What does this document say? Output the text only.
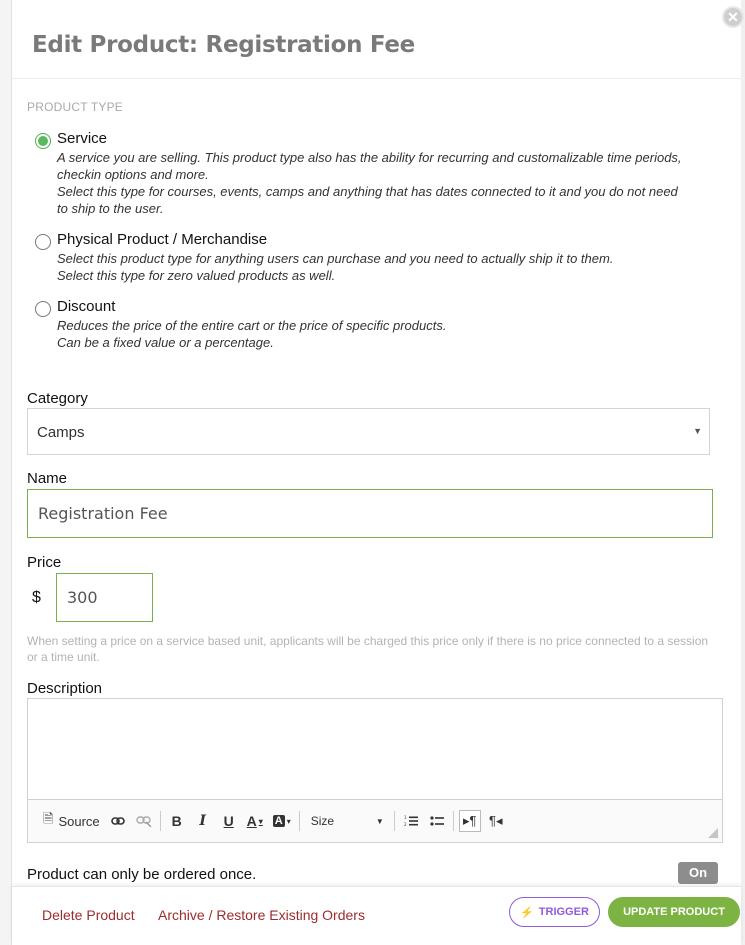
✕
Edit Product: Registration Fee
PRODUCT TYPE
Service
A service you are selling. This product type also has the ability for recurring and customalizable time periods, checkin options and more.
Select this type for courses, events, camps and anything that has dates connected to it and you do not need to ship to the user.
Physical Product / Merchandise
Select this product type for anything users can purchase and you need to actually ship it to them.
Select this type for zero valued products as well.
Discount
Reduces the price of the entire cart or the price of specific products.
Can be a fixed value or a percentage.
Category
Camps	▼
Name
Registration Fee
Price
$ 300
When setting a price on a service based unit, applicants will be charged this price only if there is no price connected to a session or a time unit.
Description
🗎 Source	B	I	U A ▾ A ▾ Size	▼	1
2	▸¶ ¶◂
Product can only be ordered once.	On
Delete Product Archive / Restore Existing Orders	⚡ TRIGGER	UPDATE PRODUCT
